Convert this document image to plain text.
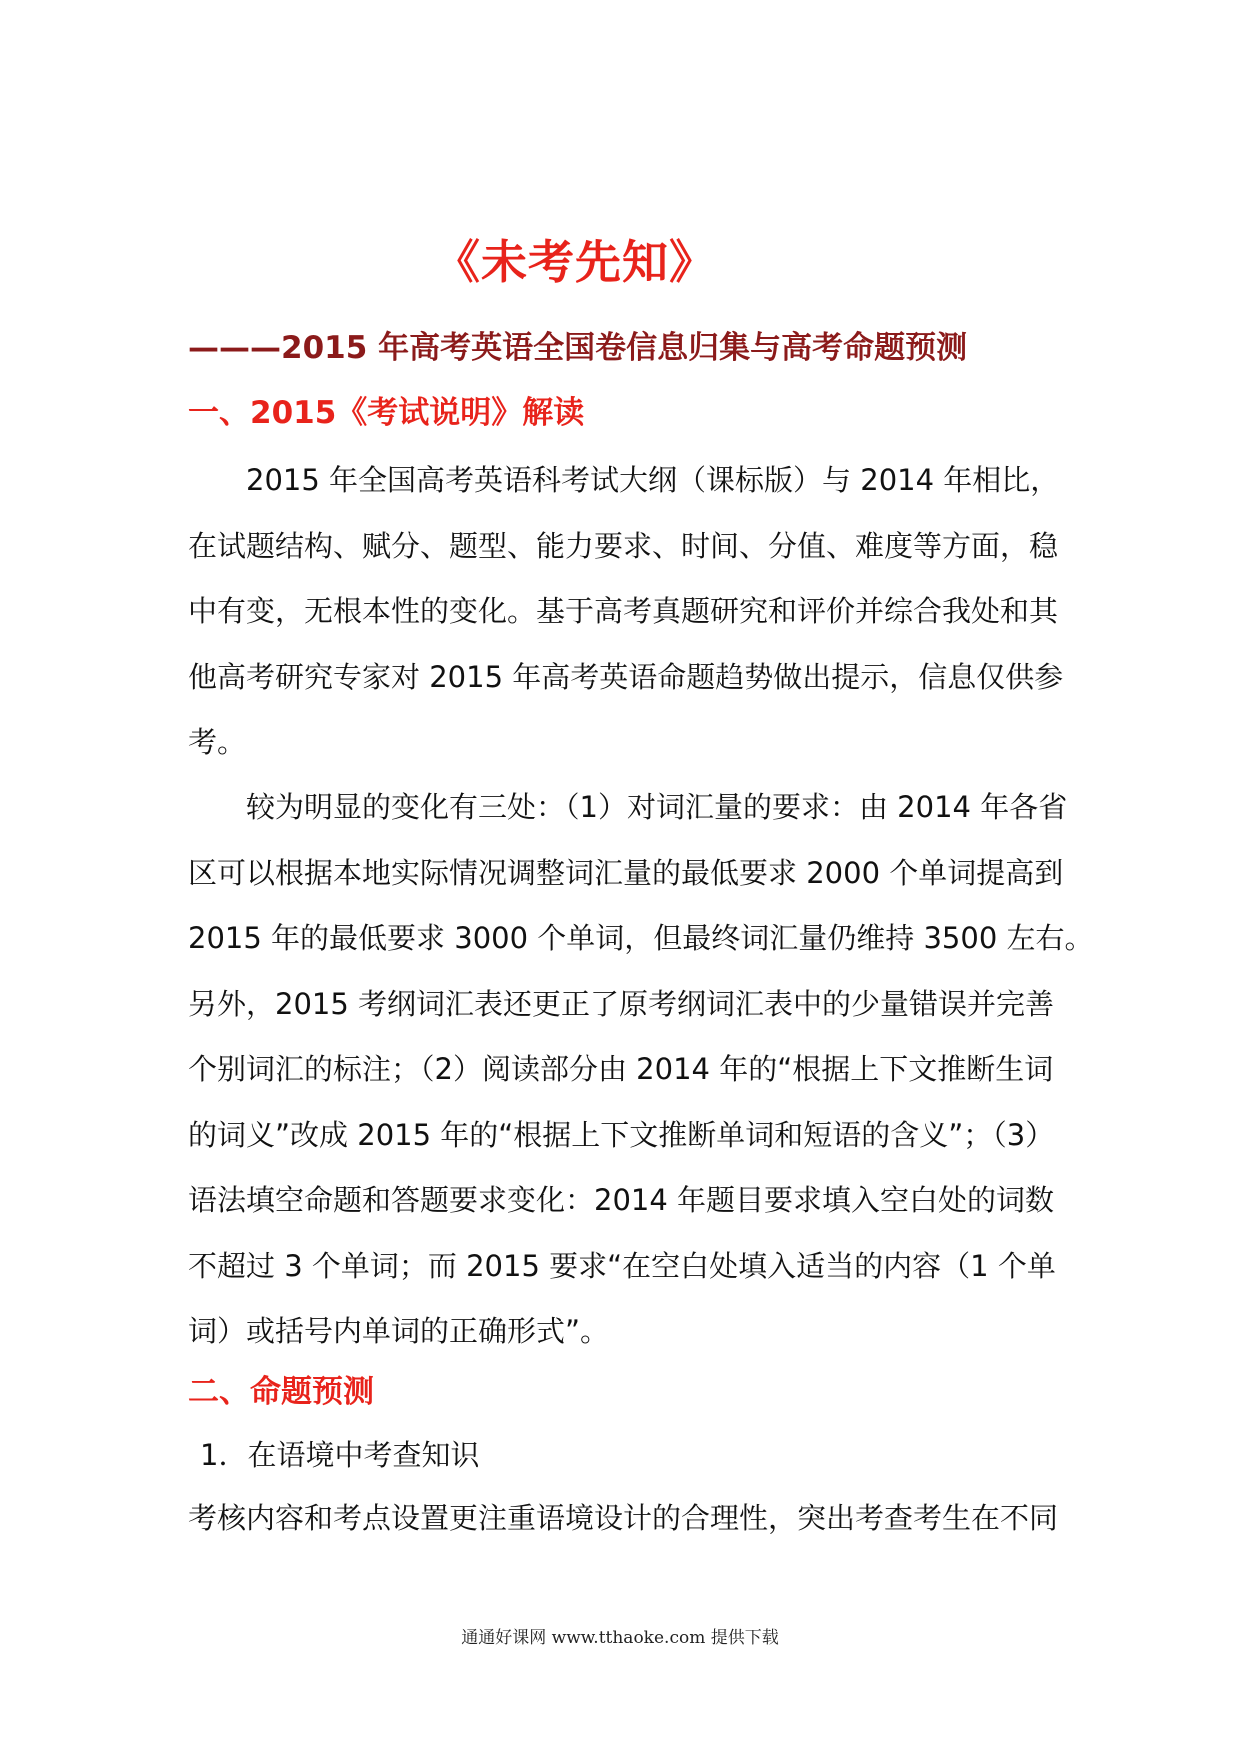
《未考先知》
———2015 年高考英语全国卷信息归集与高考命题预测
一、2015《考试说明》解读
　　2015 年全国高考英语科考试大纲（课标版）与 2014 年相比，
在试题结构、赋分、题型、能力要求、时间、分值、难度等方面，稳
中有变，无根本性的变化。基于高考真题研究和评价并综合我处和其
他高考研究专家对 2015 年高考英语命题趋势做出提示，信息仅供参
考。
　　较为明显的变化有三处：（1）对词汇量的要求：由 2014 年各省
区可以根据本地实际情况调整词汇量的最低要求 2000 个单词提高到
2015 年的最低要求 3000 个单词，但最终词汇量仍维持 3500 左右。
另外，2015 考纲词汇表还更正了原考纲词汇表中的少量错误并完善
个别词汇的标注；（2）阅读部分由 2014 年的“根据上下文推断生词
的词义”改成 2015 年的“根据上下文推断单词和短语的含义”；（3）
语法填空命题和答题要求变化：2014 年题目要求填入空白处的词数
不超过 3 个单词；而 2015 要求“在空白处填入适当的内容（1 个单
词）或括号内单词的正确形式”。
二、命题预测
1．在语境中考查知识
考核内容和考点设置更注重语境设计的合理性，突出考查考生在不同
通通好课网 www.tthaoke.com 提供下载
